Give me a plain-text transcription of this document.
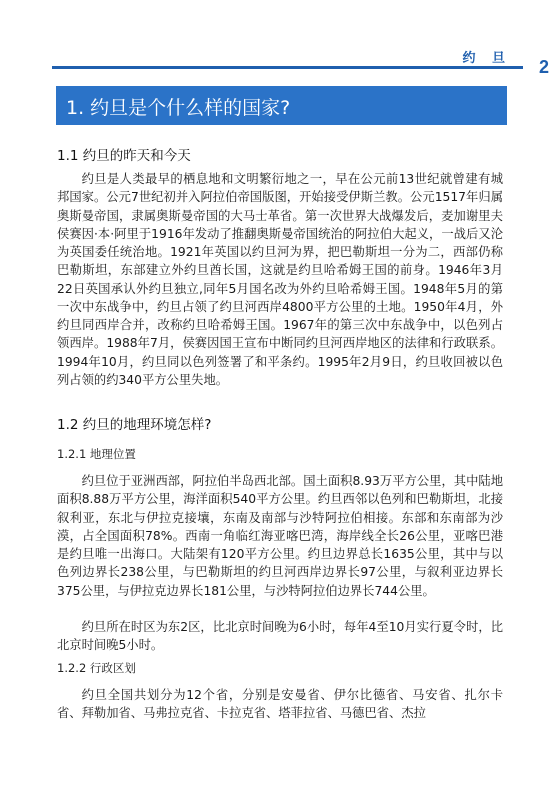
约 旦 2
1. 约旦是个什么样的国家?
1.1 约旦的昨天和今天
约旦是人类最早的栖息地和文明繁衍地之一，早在公元前13世纪就曾建有城邦国家。公元7世纪初并入阿拉伯帝国版图，开始接受伊斯兰教。公元1517年归属奥斯曼帝国，隶属奥斯曼帝国的大马士革省。第一次世界大战爆发后，麦加谢里夫侯赛因·本·阿里于1916年发动了推翻奥斯曼帝国统治的阿拉伯大起义，一战后又沦为英国委任统治地。1921年英国以约旦河为界，把巴勒斯坦一分为二，西部仍称巴勒斯坦，东部建立外约旦酋长国，这就是约旦哈希姆王国的前身。1946年3月22日英国承认外约旦独立,同年5月国名改为外约旦哈希姆王国。1948年5月的第一次中东战争中，约旦占领了约旦河西岸4800平方公里的土地。1950年4月，外约旦同西岸合并，改称约旦哈希姆王国。1967年的第三次中东战争中，以色列占领西岸。1988年7月，侯赛因国王宣布中断同约旦河西岸地区的法律和行政联系。1994年10月，约旦同以色列签署了和平条约。1995年2月9日，约旦收回被以色列占领的约340平方公里失地。
1.2 约旦的地理环境怎样?
1.2.1 地理位置
约旦位于亚洲西部，阿拉伯半岛西北部。国土面积8.93万平方公里，其中陆地面积8.88万平方公里，海洋面积540平方公里。约旦西邻以色列和巴勒斯坦，北接叙利亚，东北与伊拉克接壤，东南及南部与沙特阿拉伯相接。东部和东南部为沙漠，占全国面积78%。西南一角临红海亚喀巴湾，海岸线全长26公里，亚喀巴港是约旦唯一出海口。大陆架有120平方公里。约旦边界总长1635公里，其中与以色列边界长238公里，与巴勒斯坦的约旦河西岸边界长97公里，与叙利亚边界长375公里，与伊拉克边界长181公里，与沙特阿拉伯边界长744公里。
约旦所在时区为东2区，比北京时间晚为6小时，每年4至10月实行夏令时，比北京时间晚5小时。
1.2.2 行政区划
约旦全国共划分为12个省，分别是安曼省、伊尔比德省、马安省、扎尔卡省、拜勒加省、马弗拉克省、卡拉克省、塔菲拉省、马德巴省、杰拉
